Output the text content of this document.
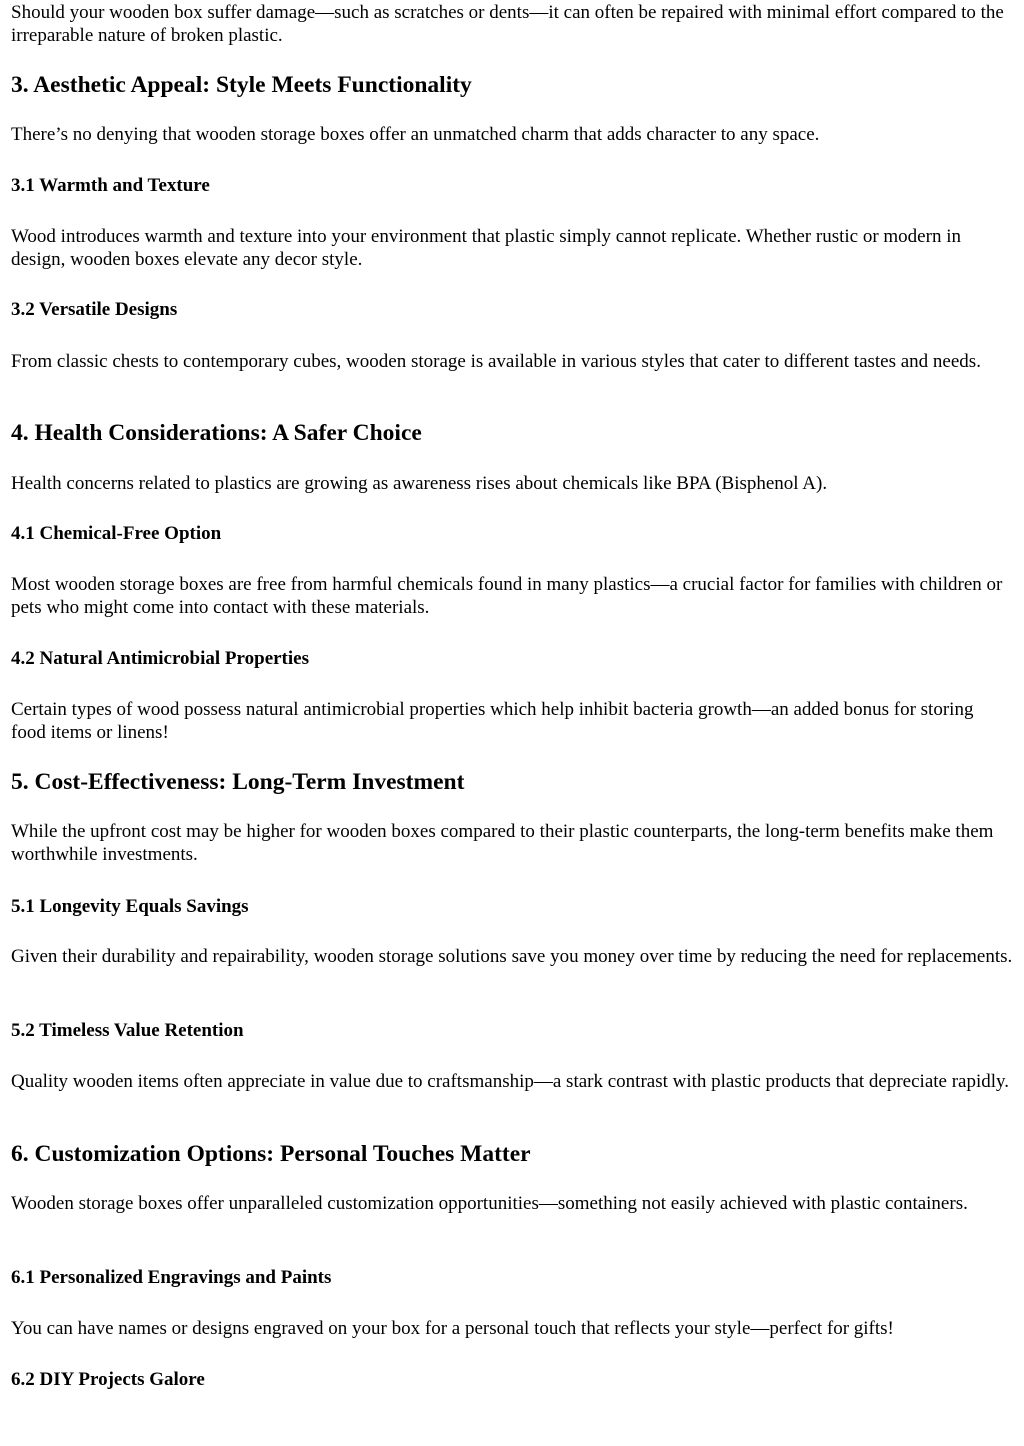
Should your wooden box suffer damage—such as scratches or dents—it can often be repaired with minimal effort compared to the irreparable nature of broken plastic.

3. Aesthetic Appeal: Style Meets Functionality

There’s no denying that wooden storage boxes offer an unmatched charm that adds character to any space.

3.1 Warmth and Texture

Wood introduces warmth and texture into your environment that plastic simply cannot replicate. Whether rustic or modern in design, wooden boxes elevate any decor style.

3.2 Versatile Designs

From classic chests to contemporary cubes, wooden storage is available in various styles that cater to different tastes and needs.

4. Health Considerations: A Safer Choice

Health concerns related to plastics are growing as awareness rises about chemicals like BPA (Bisphenol A).

4.1 Chemical-Free Option

Most wooden storage boxes are free from harmful chemicals found in many plastics—a crucial factor for families with children or pets who might come into contact with these materials.

4.2 Natural Antimicrobial Properties

Certain types of wood possess natural antimicrobial properties which help inhibit bacteria growth—an added bonus for storing food items or linens!

5. Cost-Effectiveness: Long-Term Investment

While the upfront cost may be higher for wooden boxes compared to their plastic counterparts, the long-term benefits make them worthwhile investments.

5.1 Longevity Equals Savings

Given their durability and repairability, wooden storage solutions save you money over time by reducing the need for replacements.

5.2 Timeless Value Retention

Quality wooden items often appreciate in value due to craftsmanship—a stark contrast with plastic products that depreciate rapidly.

6. Customization Options: Personal Touches Matter

Wooden storage boxes offer unparalleled customization opportunities—something not easily achieved with plastic containers.

6.1 Personalized Engravings and Paints

You can have names or designs engraved on your box for a personal touch that reflects your style—perfect for gifts!

6.2 DIY Projects Galore
